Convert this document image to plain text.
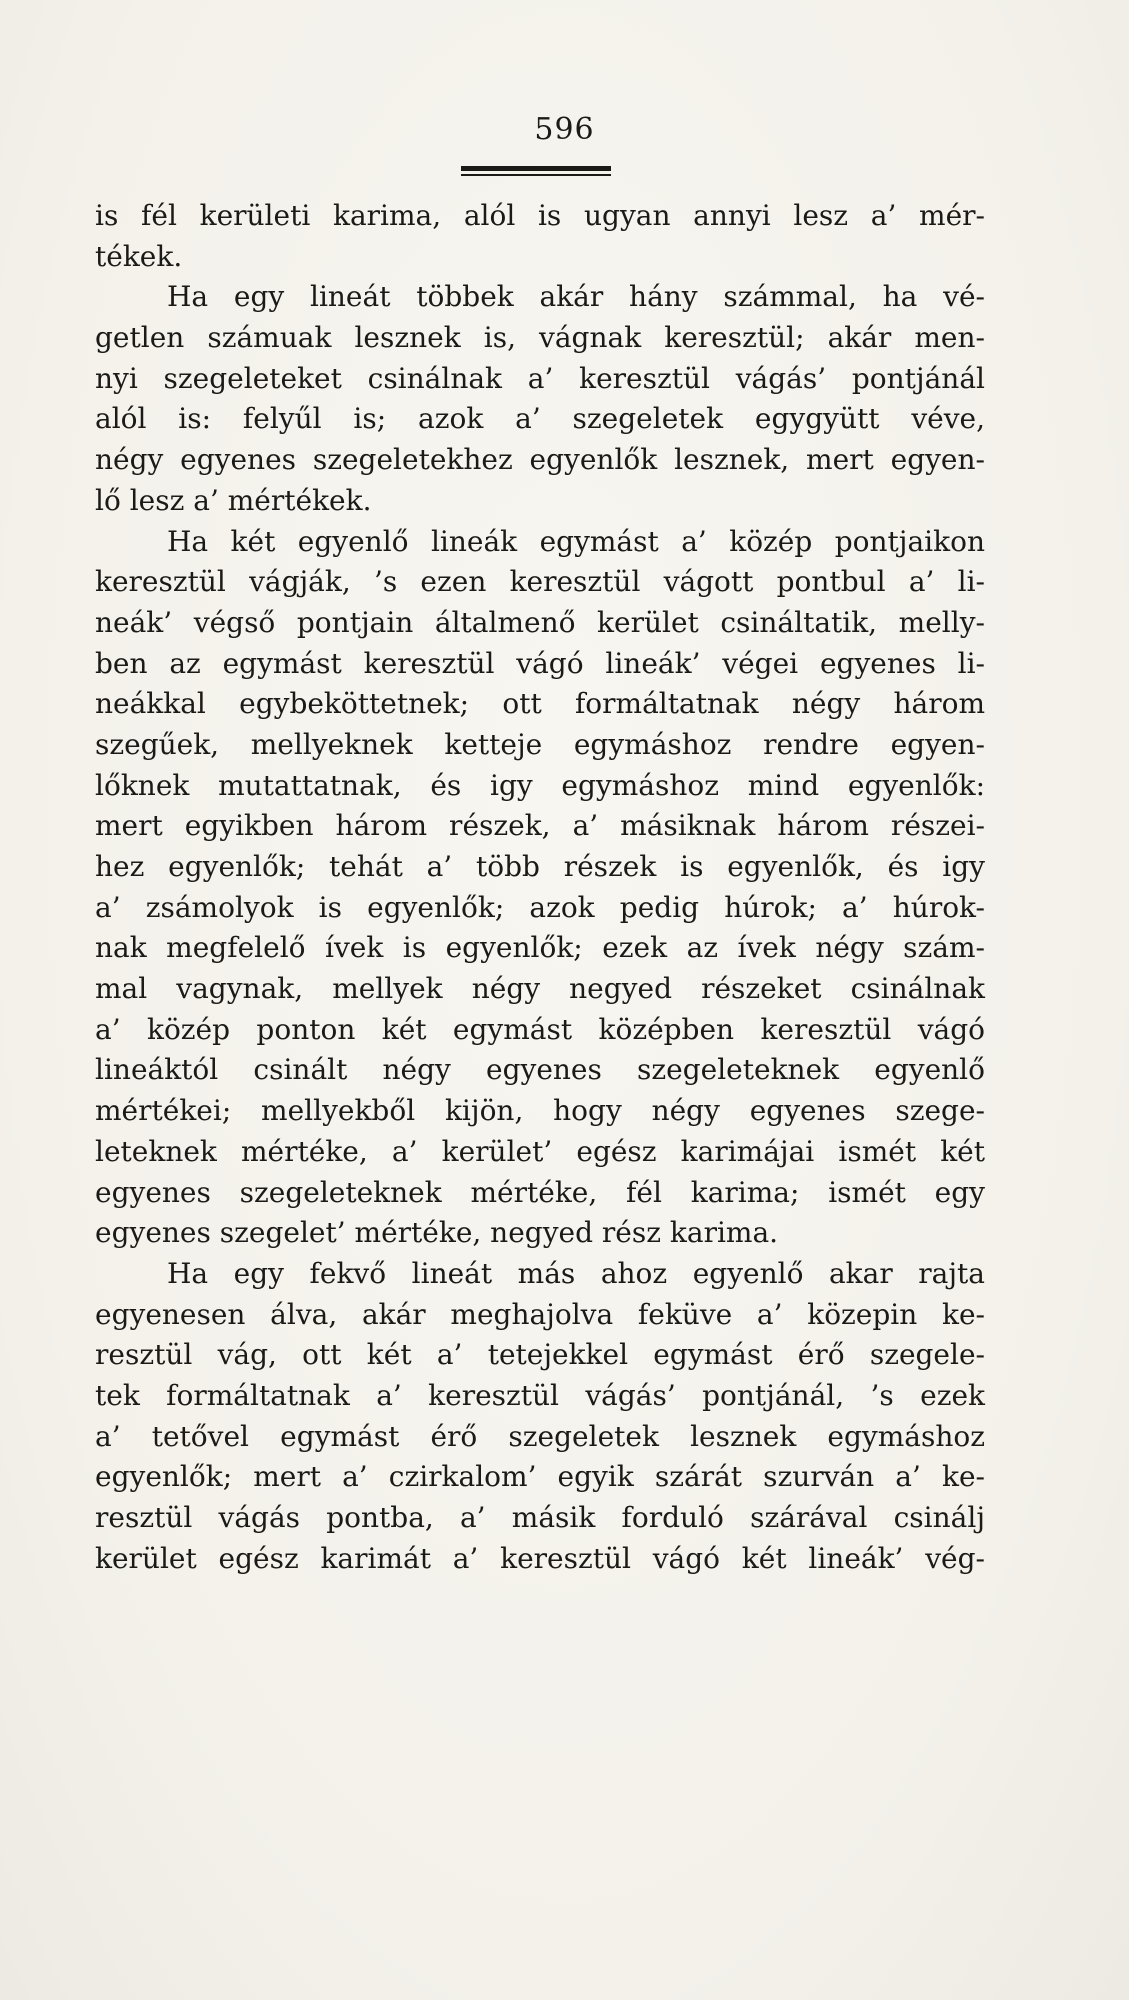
596
is fél kerületi karima, alól is ugyan annyi lesz a’ mér-
tékek.
Ha egy lineát többek akár hány számmal, ha vé-
getlen számuak lesznek is, vágnak keresztül; akár men-
nyi szegeleteket csinálnak a’ keresztül vágás’ pontjánál
alól is: felyűl is; azok a’ szegeletek egygyütt véve,
négy egyenes szegeletekhez egyenlők lesznek, mert egyen-
lő lesz a’ mértékek.
Ha két egyenlő lineák egymást a’ közép pontjaikon
keresztül vágják, ’s ezen keresztül vágott pontbul a’ li-
neák’ végső pontjain általmenő kerület csináltatik, melly-
ben az egymást keresztül vágó lineák’ végei egyenes li-
neákkal egybeköttetnek; ott formáltatnak négy három
szegűek, mellyeknek ketteje egymáshoz rendre egyen-
lőknek mutattatnak, és igy egymáshoz mind egyenlők:
mert egyikben három részek, a’ másiknak három részei-
hez egyenlők; tehát a’ több részek is egyenlők, és igy
a’ zsámolyok is egyenlők; azok pedig húrok; a’ húrok-
nak megfelelő ívek is egyenlők; ezek az ívek négy szám-
mal vagynak, mellyek négy negyed részeket csinálnak
a’ közép ponton két egymást középben keresztül vágó
lineáktól csinált négy egyenes szegeleteknek egyenlő
mértékei; mellyekből kijön, hogy négy egyenes szege-
leteknek mértéke, a’ kerület’ egész karimájai ismét két
egyenes szegeleteknek mértéke, fél karima; ismét egy
egyenes szegelet’ mértéke, negyed rész karima.
Ha egy fekvő lineát más ahoz egyenlő akar rajta
egyenesen álva, akár meghajolva feküve a’ közepin ke-
resztül vág, ott két a’ tetejekkel egymást érő szegele-
tek formáltatnak a’ keresztül vágás’ pontjánál, ’s ezek
a’ tetővel egymást érő szegeletek lesznek egymáshoz
egyenlők; mert a’ czirkalom’ egyik szárát szurván a’ ke-
resztül vágás pontba, a’ másik forduló szárával csinálj
kerület egész karimát a’ keresztül vágó két lineák’ vég-
